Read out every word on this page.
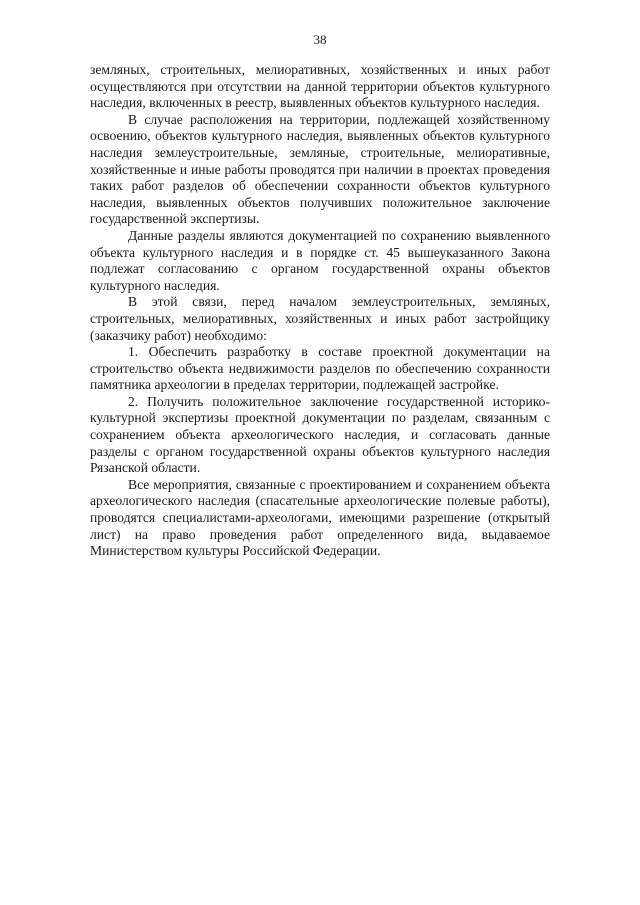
38

земляных, строительных, мелиоративных, хозяйственных и иных работ осуществляются при отсутствии на данной территории объектов культурного наследия, включенных в реестр, выявленных объектов культурного наследия.

В случае расположения на территории, подлежащей хозяйственному освоению, объектов культурного наследия, выявленных объектов культурного наследия землеустроительные, земляные, строительные, мелиоративные, хозяйственные и иные работы проводятся при наличии в проектах проведения таких работ разделов об обеспечении сохранности объектов культурного наследия, выявленных объектов получивших положительное заключение государственной экспертизы.

Данные разделы являются документацией по сохранению выявленного объекта культурного наследия и в порядке ст. 45 вышеуказанного Закона подлежат согласованию с органом государственной охраны объектов культурного наследия.

В этой связи, перед началом землеустроительных, земляных, строительных, мелиоративных, хозяйственных и иных работ застройщику (заказчику работ) необходимо:

1. Обеспечить разработку в составе проектной документации на строительство объекта недвижимости разделов по обеспечению сохранности памятника археологии в пределах территории, подлежащей застройке.

2. Получить положительное заключение государственной историко-культурной экспертизы проектной документации по разделам, связанным с сохранением объекта археологического наследия, и согласовать данные разделы с органом государственной охраны объектов культурного наследия Рязанской области.

Все мероприятия, связанные с проектированием и сохранением объекта археологического наследия (спасательные археологические полевые работы), проводятся специалистами-археологами, имеющими разрешение (открытый лист) на право проведения работ определенного вида, выдаваемое Министерством культуры Российской Федерации.
